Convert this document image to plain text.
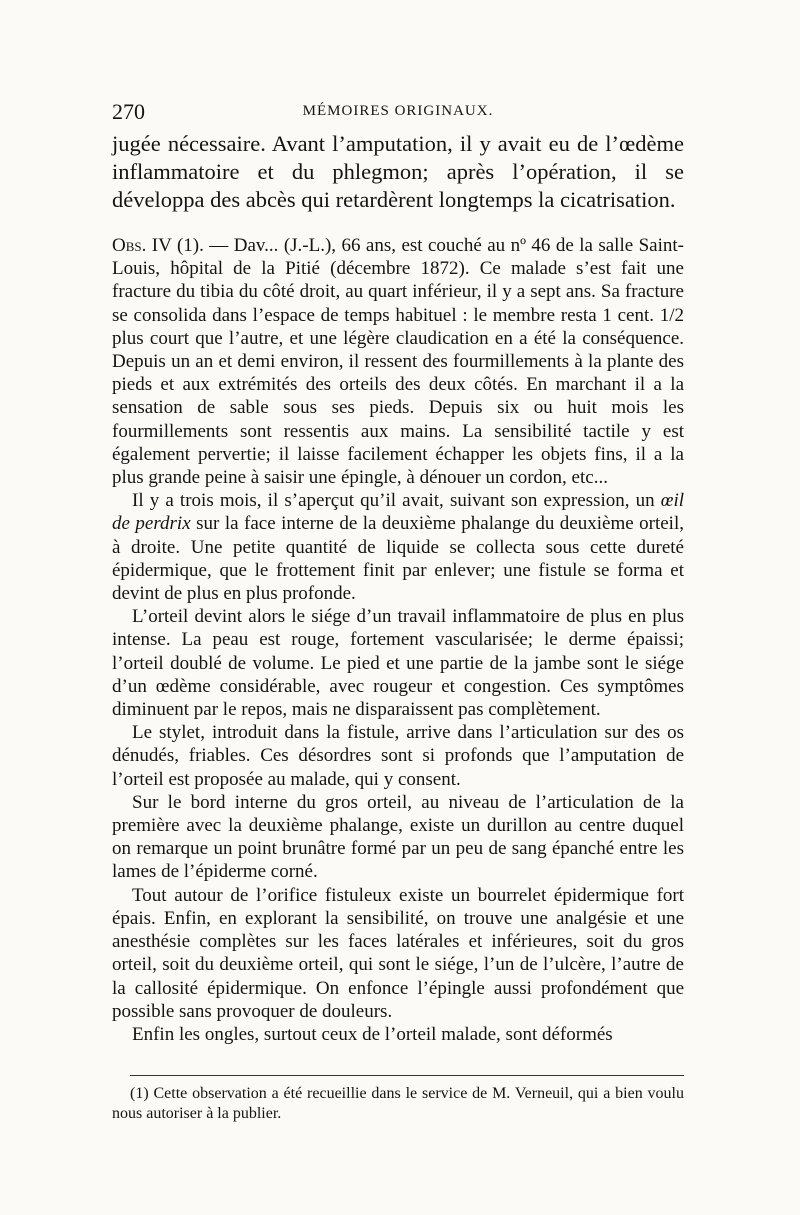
270	MÉMOIRES ORIGINAUX.

jugée nécessaire. Avant l’amputation, il y avait eu de l’œdème inflammatoire et du phlegmon; après l’opération, il se développa des abcès qui retardèrent longtemps la cicatrisation.

Obs. IV (1). — Dav... (J.-L.), 66 ans, est couché au nº 46 de la salle Saint-Louis, hôpital de la Pitié (décembre 1872). Ce malade s’est fait une fracture du tibia du côté droit, au quart inférieur, il y a sept ans. Sa fracture se consolida dans l’espace de temps habituel : le membre resta 1 cent. 1/2 plus court que l’autre, et une légère claudication en a été la conséquence. Depuis un an et demi environ, il ressent des fourmillements à la plante des pieds et aux extrémités des orteils des deux côtés. En marchant il a la sensation de sable sous ses pieds. Depuis six ou huit mois les fourmillements sont ressentis aux mains. La sensibilité tactile y est également pervertie; il laisse facilement échapper les objets fins, il a la plus grande peine à saisir une épingle, à dénouer un cordon, etc...

Il y a trois mois, il s’aperçut qu’il avait, suivant son expression, un œil de perdrix sur la face interne de la deuxième phalange du deuxième orteil, à droite. Une petite quantité de liquide se collecta sous cette dureté épidermique, que le frottement finit par enlever; une fistule se forma et devint de plus en plus profonde.

L’orteil devint alors le siége d’un travail inflammatoire de plus en plus intense. La peau est rouge, fortement vascularisée; le derme épaissi; l’orteil doublé de volume. Le pied et une partie de la jambe sont le siége d’un œdème considérable, avec rougeur et congestion. Ces symptômes diminuent par le repos, mais ne disparaissent pas complètement.

Le stylet, introduit dans la fistule, arrive dans l’articulation sur des os dénudés, friables. Ces désordres sont si profonds que l’amputation de l’orteil est proposée au malade, qui y consent.

Sur le bord interne du gros orteil, au niveau de l’articulation de la première avec la deuxième phalange, existe un durillon au centre duquel on remarque un point brunâtre formé par un peu de sang épanché entre les lames de l’épiderme corné.

Tout autour de l’orifice fistuleux existe un bourrelet épidermique fort épais. Enfin, en explorant la sensibilité, on trouve une analgésie et une anesthésie complètes sur les faces latérales et inférieures, soit du gros orteil, soit du deuxième orteil, qui sont le siége, l’un de l’ulcère, l’autre de la callosité épidermique. On enfonce l’épingle aussi profondément que possible sans provoquer de douleurs.

Enfin les ongles, surtout ceux de l’orteil malade, sont déformés

(1) Cette observation a été recueillie dans le service de M. Verneuil, qui a bien voulu nous autoriser à la publier.
